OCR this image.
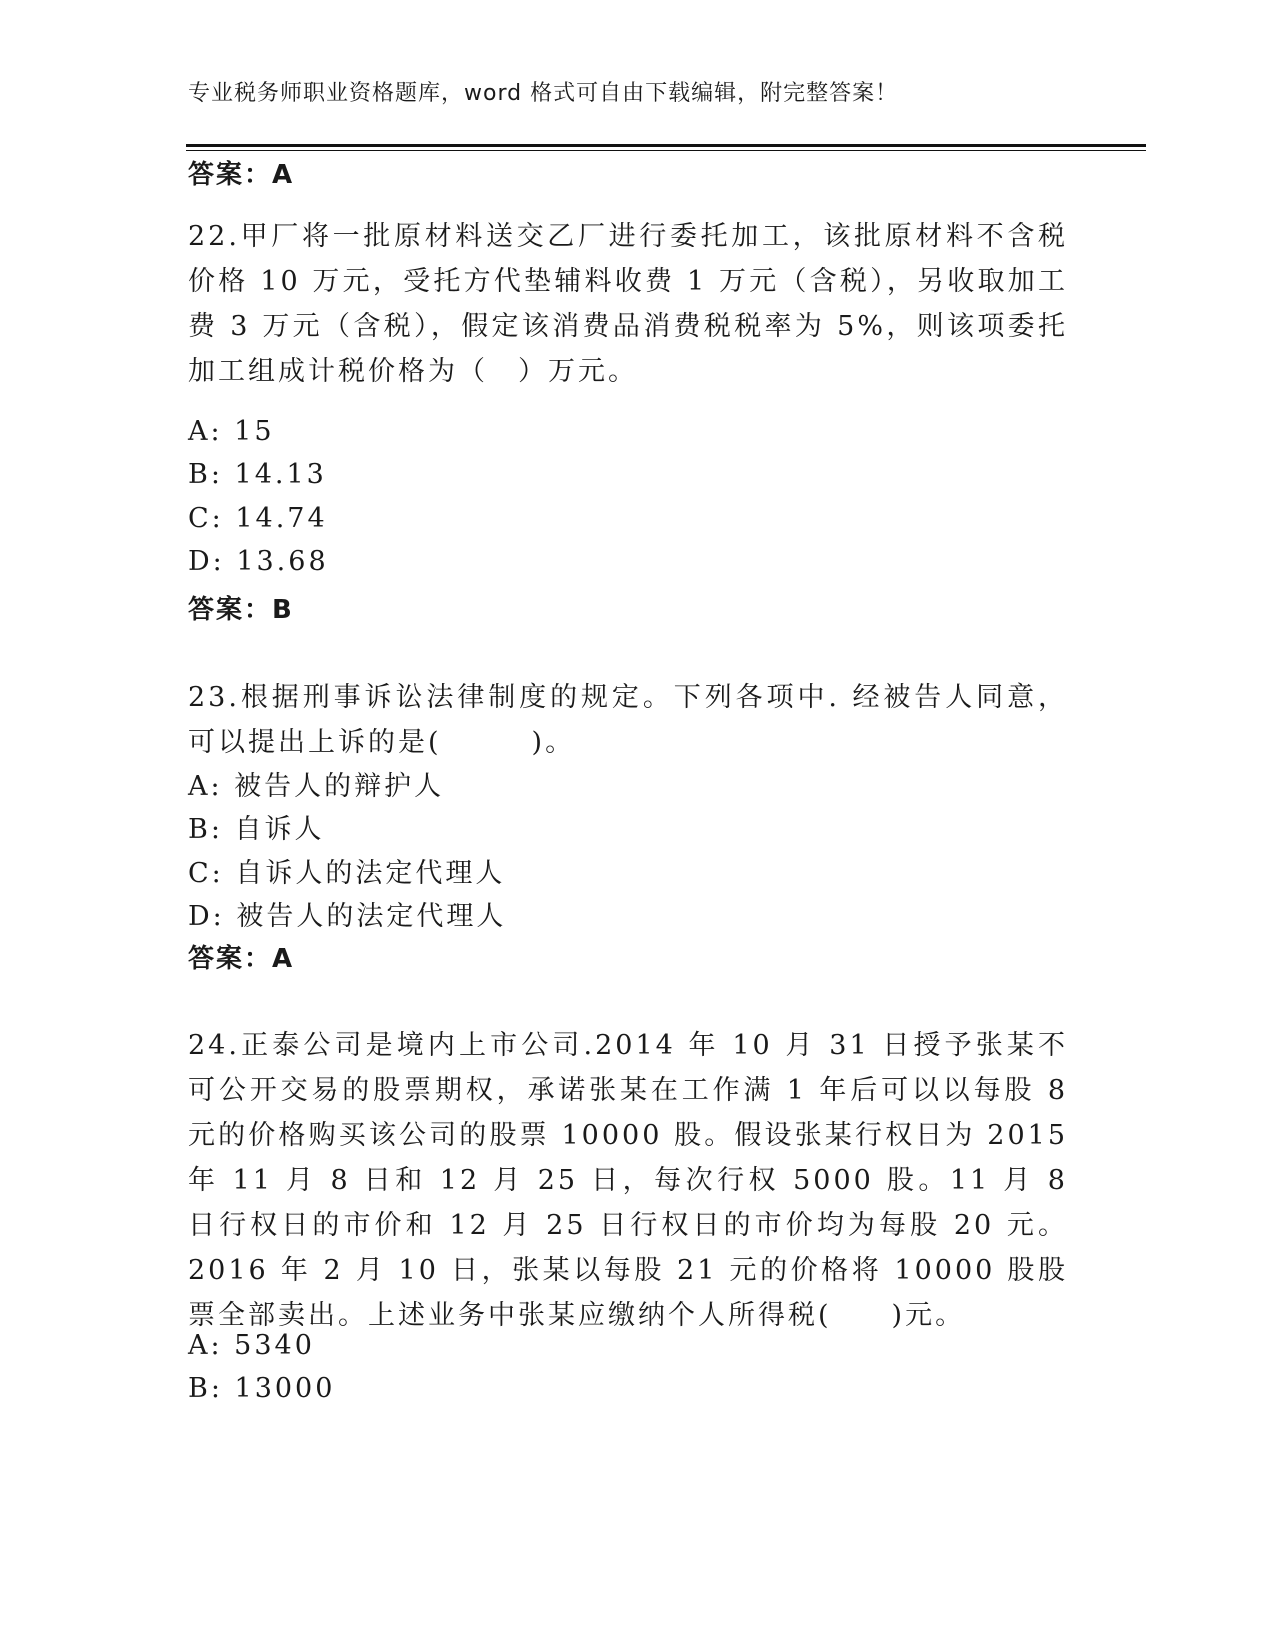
专业税务师职业资格题库，word 格式可自由下载编辑，附完整答案！
答案：A
22.甲厂将一批原材料送交乙厂进行委托加工，该批原材料不含税价格 10 万元，受托方代垫辅料收费 1 万元（含税），另收取加工费 3 万元（含税），假定该消费品消费税税率为 5%，则该项委托加工组成计税价格为（　）万元。
A: 15
B: 14.13
C: 14.74
D: 13.68
答案：B
23.根据刑事诉讼法律制度的规定。下列各项中. 经被告人同意，可以提出上诉的是(　　　)。
A: 被告人的辩护人
B: 自诉人
C: 自诉人的法定代理人
D: 被告人的法定代理人
答案：A
24.正泰公司是境内上市公司.2014 年 10 月 31 日授予张某不可公开交易的股票期权，承诺张某在工作满 1 年后可以以每股 8 元的价格购买该公司的股票 10000 股。假设张某行权日为 2015 年 11 月 8 日和 12 月 25 日，每次行权 5000 股。11 月 8 日行权日的市价和 12 月 25 日行权日的市价均为每股 20 元。2016 年 2 月 10 日，张某以每股 21 元的价格将 10000 股股票全部卖出。上述业务中张某应缴纳个人所得税(　　)元。
A: 5340
B: 13000
